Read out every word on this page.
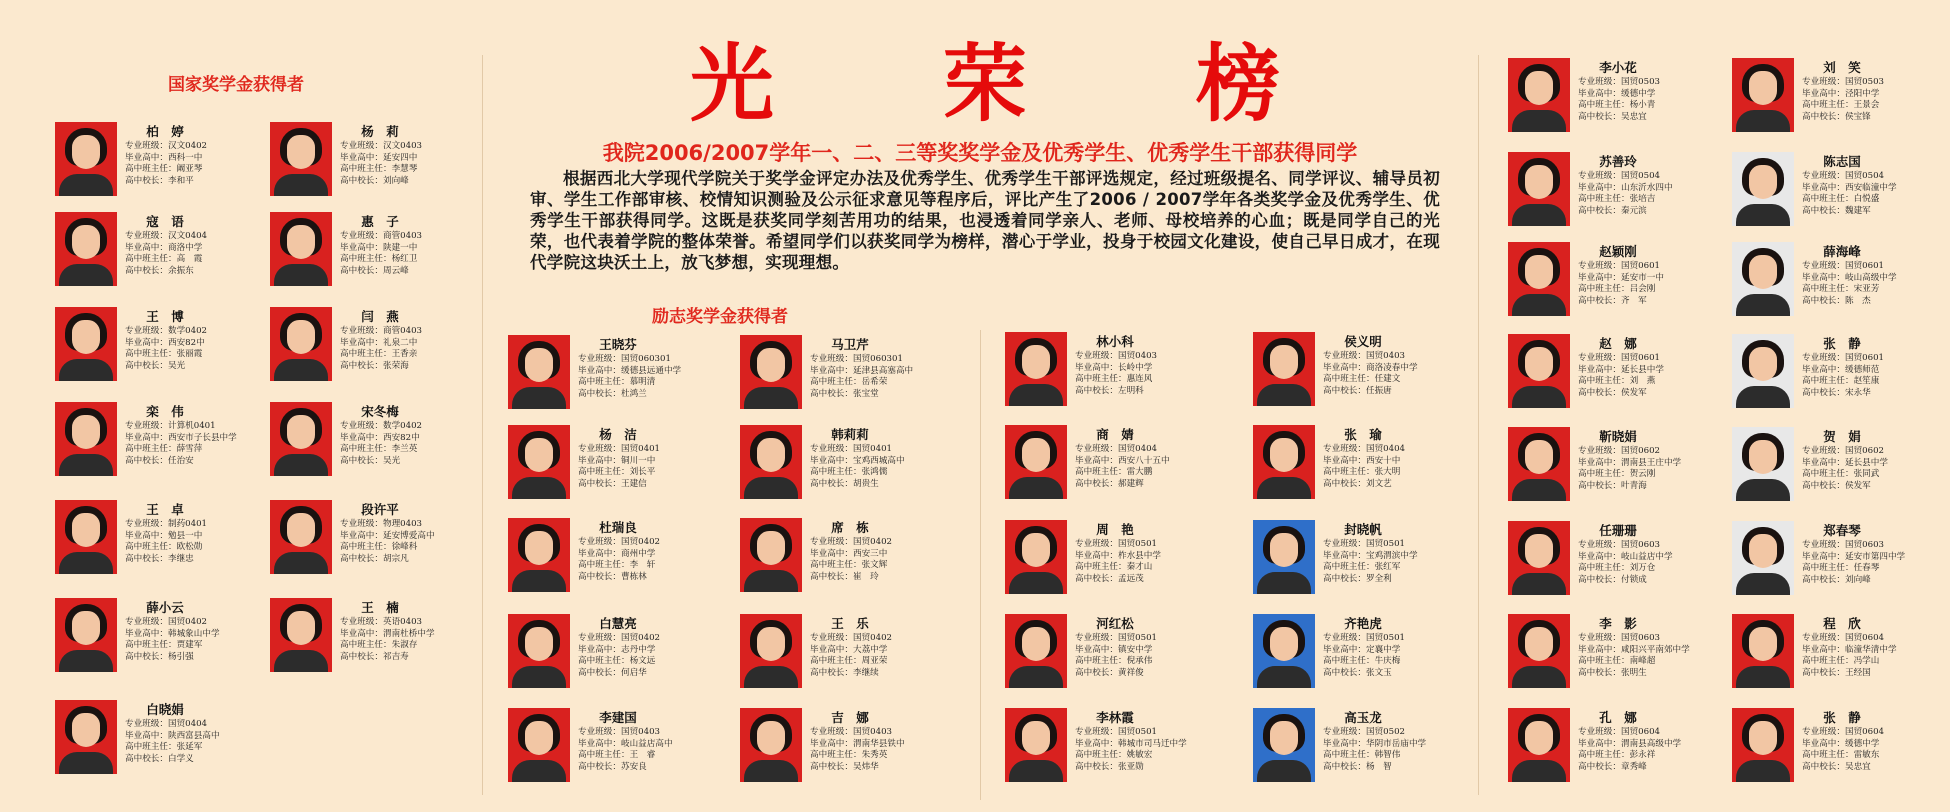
国家奖学金获得者
励志奖学金获得者
光 荣 榜
我院2006/2007学年一、二、三等奖奖学金及优秀学生、优秀学生干部获得同学
根据西北大学现代学院关于奖学金评定办法及优秀学生、优秀学生干部评选规定，经过班级提名、同学评议、辅导员初审、学生工作部审核、校情知识测验及公示征求意见等程序后，评比产生了2006 / 2007学年各类奖学金及优秀学生、优秀学生干部获得同学。这既是获奖同学刻苦用功的结果，也浸透着同学亲人、老师、母校培养的心血；既是同学自己的光荣，也代表着学院的整体荣誉。希望同学们以获奖同学为榜样，潜心于学业，投身于校园文化建设，使自己早日成才，在现代学院这块沃土上，放飞梦想，实现理想。
柏　婷
专业班级：汉文0402
毕业高中：西科一中
高中班主任：阚亚琴
高中校长：李和平
杨　莉
专业班级：汉文0403
毕业高中：延安四中
高中班主任：李慧琴
高中校长：刘向峰
寇　语
专业班级：汉文0404
毕业高中：商洛中学
高中班主任：高　霞
高中校长：余振东
惠　子
专业班级：商管0403
毕业高中：陕建一中
高中班主任：杨红卫
高中校长：周云峰
王　博
专业班级：数学0402
毕业高中：西安82中
高中班主任：张丽霞
高中校长：吴光
闫　燕
专业班级：商管0403
毕业高中：礼泉二中
高中班主任：王香亲
高中校长：张荣海
栾　伟
专业班级：计算机0401
毕业高中：西安市子长县中学
高中班主任：薛雪萍
高中校长：任治安
宋冬梅
专业班级：数学0402
毕业高中：西安82中
高中班主任：李兰英
高中校长：吴光
王　卓
专业班级：制药0401
毕业高中：勉县一中
高中班主任：欧松勋
高中校长：李继忠
段许平
专业班级：物理0403
毕业高中：延安博爱高中
高中班主任：徐峰科
高中校长：胡宗凡
薛小云
专业班级：国贸0402
毕业高中：韩城象山中学
高中班主任：贾建军
高中校长：杨引强
王　楠
专业班级：英语0403
毕业高中：渭南杜桥中学
高中班主任：朱淑存
高中校长：祁吉寿
白晓娟
专业班级：国贸0404
毕业高中：陕西富县高中
高中班主任：张延军
高中校长：白学义
王晓芬
专业班级：国贸060301
毕业高中：缓德县远通中学
高中班主任：慕明清
高中校长：杜鸿兰
马卫芹
专业班级：国贸060301
毕业高中：延津县高塞高中
高中班主任：岳希荣
高中校长：张宝堂
杨　洁
专业班级：国贸0401
毕业高中：铜川一中
高中班主任：刘长平
高中校长：王建信
韩莉莉
专业班级：国贸0401
毕业高中：宝鸡西城高中
高中班主任：张鸿儒
高中校长：胡贵生
杜瑞良
专业班级：国贸0402
毕业高中：商州中学
高中班主任：李　轩
高中校长：曹栋林
席　栋
专业班级：国贸0402
毕业高中：西安三中
高中班主任：张文辉
高中校长：崔　玲
白慧亮
专业班级：国贸0402
毕业高中：志丹中学
高中班主任：杨文远
高中校长：何启华
王　乐
专业班级：国贸0402
毕业高中：大荔中学
高中班主任：周亚荣
高中校长：李继续
李建国
专业班级：国贸0403
毕业高中：岐山益店高中
高中班主任：王　睿
高中校长：苏安良
吉　娜
专业班级：国贸0403
毕业高中：渭南华县铁中
高中班主任：朱秀英
高中校长：吴炜华
林小科
专业班级：国贸0403
毕业高中：长岭中学
高中班主任：惠连风
高中校长：左明科
侯义明
专业班级：国贸0403
毕业高中：商洛凌春中学
高中班主任：任建文
高中校长：任振唐
商　婧
专业班级：国贸0404
毕业高中：西安八十五中
高中班主任：雷大鹏
高中校长：郝建辉
张　瑜
专业班级：国贸0404
毕业高中：西安十中
高中班主任：张大明
高中校长：刘文艺
周　艳
专业班级：国贸0501
毕业高中：柞水县中学
高中班主任：秦才山
高中校长：孟远茂
封晓帆
专业班级：国贸0501
毕业高中：宝鸡渭滨中学
高中班主任：张红军
高中校长：罗全利
河红松
专业班级：国贸0501
毕业高中：镇安中学
高中班主任：倪承伟
高中校长：黄祥俊
齐艳虎
专业班级：国贸0501
毕业高中：定襄中学
高中班主任：牛庆梅
高中校长：张文玉
李林霞
专业班级：国贸0501
毕业高中：韩城市司马迁中学
高中班主任：姚敏宏
高中校长：张亚勋
高玉龙
专业班级：国贸0502
毕业高中：华阴市岳庙中学
高中班主任：韩智伟
高中校长：杨　智
李小花
专业班级：国贸0503
毕业高中：缓德中学
高中班主任：杨小青
高中校长：吴忠宜
刘　笑
专业班级：国贸0503
毕业高中：泾阳中学
高中班主任：王景会
高中校长：侯宝锋
苏善玲
专业班级：国贸0504
毕业高中：山东沂水四中
高中班主任：张培吉
高中校长：秦元滨
陈志国
专业班级：国贸0504
毕业高中：西安临潼中学
高中班主任：白悦盛
高中校长：魏建军
赵颖刚
专业班级：国贸0601
毕业高中：延安市一中
高中班主任：吕会刚
高中校长：齐　军
薛海峰
专业班级：国贸0601
毕业高中：岐山高级中学
高中班主任：宋亚芳
高中校长：陈　杰
赵　娜
专业班级：国贸0601
毕业高中：延长县中学
高中班主任：刘　燕
高中校长：侯发军
张　静
专业班级：国贸0601
毕业高中：缓德师范
高中班主任：赵笙康
高中校长：宋永华
靳晓娟
专业班级：国贸0602
毕业高中：渭南县王庄中学
高中班主任：贺云刚
高中校长：叶青海
贺　娟
专业班级：国贸0602
毕业高中：延长县中学
高中班主任：张同武
高中校长：侯发军
任珊珊
专业班级：国贸0603
毕业高中：岐山益店中学
高中班主任：刘万仓
高中校长：付锁成
郑春琴
专业班级：国贸0603
毕业高中：延安市第四中学
高中班主任：任春琴
高中校长：刘向峰
李　影
专业班级：国贸0603
毕业高中：咸阳兴平南郊中学
高中班主任：南峰超
高中校长：张明生
程　欣
专业班级：国贸0604
毕业高中：临潼华清中学
高中班主任：冯学山
高中校长：王经国
孔　娜
专业班级：国贸0604
毕业高中：渭南县高级中学
高中班主任：彭永祥
高中校长：章秀峰
张　静
专业班级：国贸0604
毕业高中：缓德中学
高中班主任：雷敏东
高中校长：吴忠宜
